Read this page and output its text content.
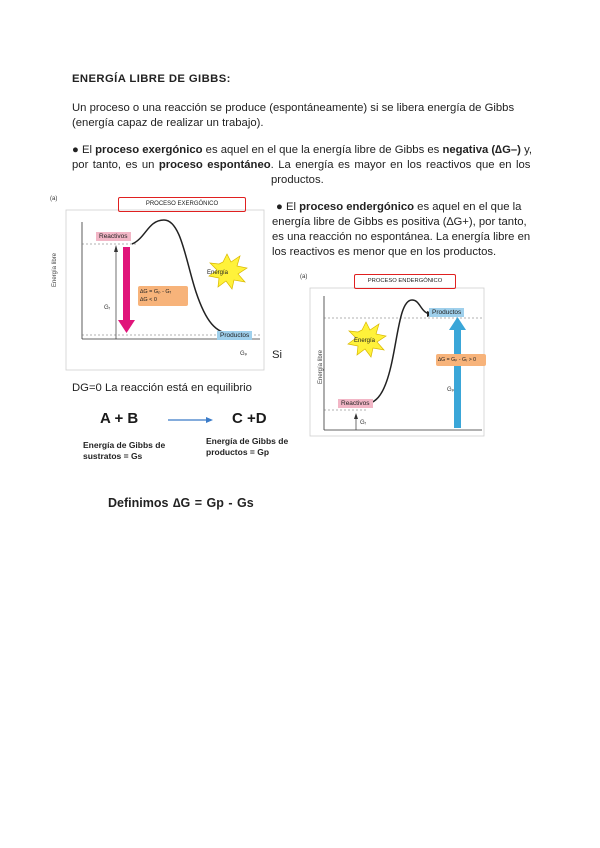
ENERGÍA LIBRE DE GIBBS:
Un proceso o una reacción se produce (espontáneamente) si se libera energía de Gibbs
(energía capaz de realizar un trabajo).
● El proceso exergónico es aquel en el que la energía libre de Gibbs es negativa (∆G–) y,
por tanto, es un proceso espontáneo. La energía es mayor en los reactivos que en los
productos.
● El proceso endergónico es aquel en el que la
energía libre de Gibbs es positiva (∆G+), por tanto,
es una reacción no espontánea. La energía libre en
los reactivos es menor que en los productos.
Si
DG=0 La reacción está en equilibrio
(a)
PROCESO EXERGÓNICO
Reactivos
Productos
Energía
∆G = Gₚ - Gᵣ
∆G < 0
Energía libre
Gᵣ
Gₚ
(a)
PROCESO ENDERGÓNICO
Productos
Reactivos
Energía
∆G = Gₚ - Gᵣ > 0
Energía libre
Gₚ
Gᵣ
A + B → C +D
Energía de Gibbs de
sustratos = Gs
Energía de Gibbs de
productos = Gp
Definimos ∆G = Gp - Gs
